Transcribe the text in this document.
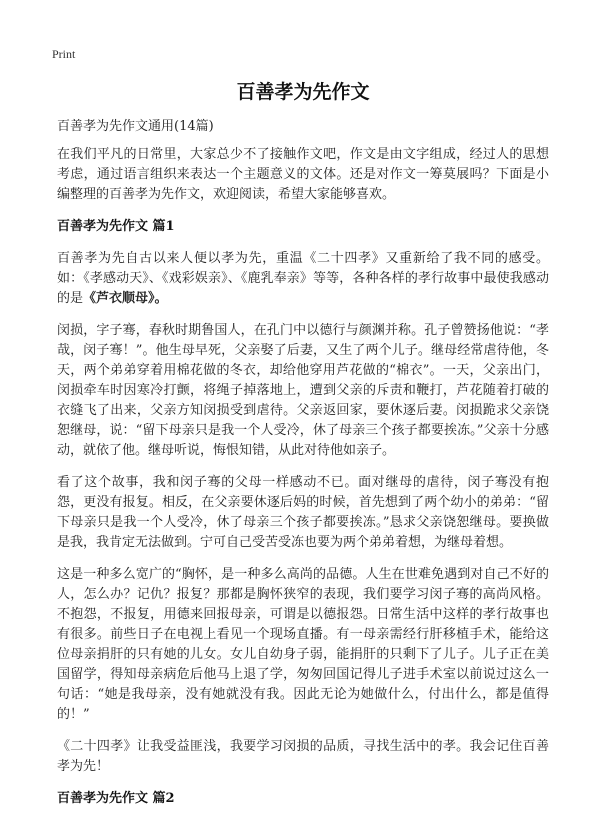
Print
百善孝为先作文
百善孝为先作文通用(14篇)

在我们平凡的日常里，大家总少不了接触作文吧，作文是由文字组成，经过人的思想考虑，通过语言组织来表达一个主题意义的文体。还是对作文一筹莫展吗？下面是小编整理的百善孝为先作文，欢迎阅读，希望大家能够喜欢。

百善孝为先作文 篇1

百善孝为先自古以来人便以孝为先，重温《二十四孝》又重新给了我不同的感受。如：《孝感动天》、《戏彩娱亲》、《鹿乳奉亲》等等，各种各样的孝行故事中最使我感动的是《芦衣顺母》。

闵损，字子骞，春秋时期鲁国人，在孔门中以德行与颜渊并称。孔子曾赞扬他说：“孝哉，闵子骞！”。他生母早死，父亲娶了后妻，又生了两个儿子。继母经常虐待他，冬天，两个弟弟穿着用棉花做的冬衣，却给他穿用芦花做的“棉衣”。一天，父亲出门，闵损牵车时因寒冷打颤，将绳子掉落地上，遭到父亲的斥责和鞭打，芦花随着打破的衣缝飞了出来，父亲方知闵损受到虐待。父亲返回家，要休逐后妻。闵损跪求父亲饶恕继母，说：“留下母亲只是我一个人受冷，休了母亲三个孩子都要挨冻。”父亲十分感动，就依了他。继母听说，悔恨知错，从此对待他如亲子。

看了这个故事，我和闵子骞的父母一样感动不已。面对继母的虐待，闵子骞没有抱怨，更没有报复。相反，在父亲要休逐后妈的时候，首先想到了两个幼小的弟弟：“留下母亲只是我一个人受冷，休了母亲三个孩子都要挨冻。”恳求父亲饶恕继母。要换做是我，我肯定无法做到。宁可自己受苦受冻也要为两个弟弟着想，为继母着想。

这是一种多么宽广的“胸怀，是一种多么高尚的品德。人生在世难免遇到对自己不好的人，怎么办？记仇？报复？那都是胸怀狭窄的表现，我们要学习闵子骞的高尚风格。不抱怨，不报复，用德来回报母亲，可谓是以德报怨。日常生活中这样的孝行故事也有很多。前些日子在电视上看见一个现场直播。有一母亲需经行肝移植手术，能给这位母亲捐肝的只有她的儿女。女儿自幼身子弱，能捐肝的只剩下了儿子。儿子正在美国留学，得知母亲病危后他马上退了学，匆匆回国记得儿子进手术室以前说过这么一句话：“她是我母亲，没有她就没有我。因此无论为她做什么，付出什么，都是值得的！”

《二十四孝》让我受益匪浅，我要学习闵损的品质，寻找生活中的孝。我会记住百善孝为先！

百善孝为先作文 篇2
